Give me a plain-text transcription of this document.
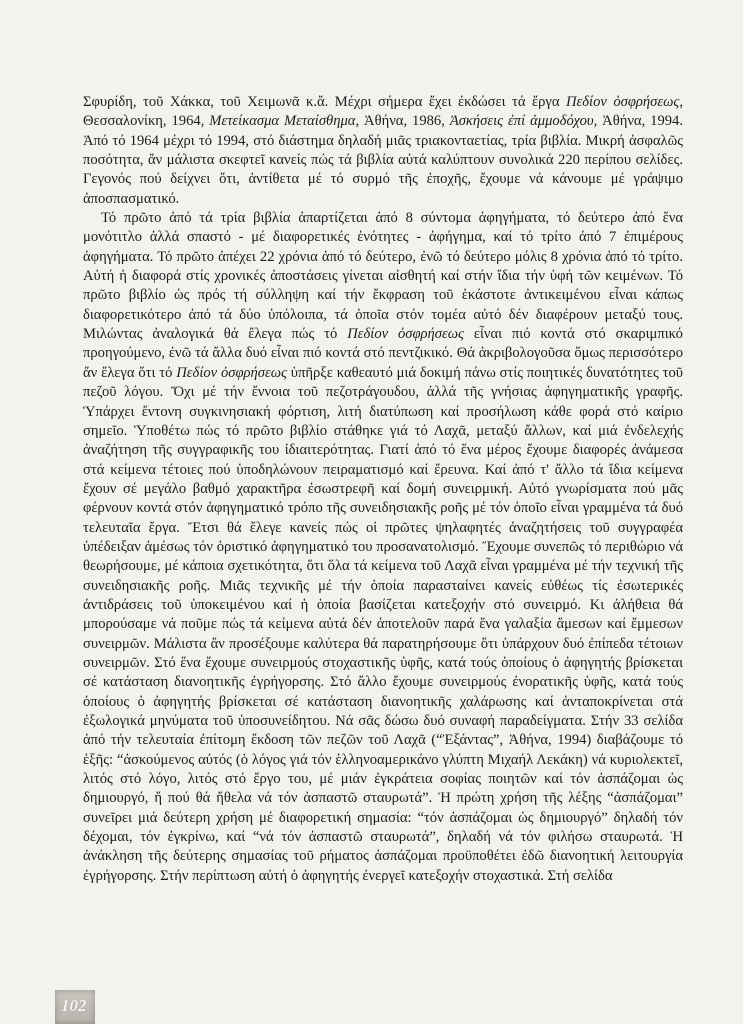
Σφυρίδη, τοῦ Χάκκα, τοῦ Χειμωνᾶ κ.ἄ. Μέχρι σήμερα ἔχει ἐκδώσει τά ἔργα Πεδίον ὀσφρήσεως, Θεσσαλονίκη, 1964, Μετείκασμα Μεταίσθημα, Ἀθήνα, 1986, Ἀσκήσεις ἐπί ἀμμοδόχου, Ἀθήνα, 1994. Ἀπό τό 1964 μέχρι τό 1994, στό διάστημα δηλαδή μιᾶς τριακονταετίας, τρία βιβλία. Μικρή ἀσφαλῶς ποσότητα, ἄν μάλιστα σκεφτεῖ κανείς πώς τά βιβλία αὐτά καλύπτουν συνολικά 220 περίπου σελίδες. Γεγονός πού δείχνει ὅτι, ἀντίθετα μέ τό συρμό τῆς ἐποχῆς, ἔχουμε νά κάνουμε μέ γράψιμο ἀποσπασματικό.

Τό πρῶτο ἀπό τά τρία βιβλία ἀπαρτίζεται ἀπό 8 σύντομα ἀφηγήματα, τό δεύτερο ἀπό ἕνα μονότιτλο ἀλλά σπαστό - μέ διαφορετικές ἑνότητες - ἀφήγημα, καί τό τρίτο ἀπό 7 ἐπιμέρους ἀφηγήματα. Τό πρῶτο ἀπέχει 22 χρόνια ἀπό τό δεύτερο, ἐνῶ τό δεύτερο μόλις 8 χρόνια ἀπό τό τρίτο. Αὐτή ἡ διαφορά στίς χρονικές ἀποστάσεις γίνεται αἰσθητή καί στήν ἴδια τήν ὑφή τῶν κειμένων. Τό πρῶτο βιβλίο ὡς πρός τή σύλληψη καί τήν ἔκφραση τοῦ ἑκάστοτε ἀντικειμένου εἶναι κάπως διαφορετικότερο ἀπό τά δύο ὑπόλοιπα, τά ὁποῖα στόν τομέα αὐτό δέν διαφέρουν μεταξύ τους. Μιλώντας ἀναλογικά θά ἔλεγα πώς τό Πεδίον ὀσφρήσεως εἶναι πιό κοντά στό σκαριμπικό προηγούμενο, ἐνῶ τά ἄλλα δυό εἶναι πιό κοντά στό πεντζικικό. Θά ἀκριβολογοῦσα ὅμως περισσότερο ἄν ἔλεγα ὅτι τό Πεδίον ὀσφρήσεως ὑπῆρξε καθεαυτό μιά δοκιμή πάνω στίς ποιητικές δυνατότητες τοῦ πεζοῦ λόγου. Ὄχι μέ τήν ἔννοια τοῦ πεζοτράγουδου, ἀλλά τῆς γνήσιας ἀφηγηματικῆς γραφῆς. Ὑπάρχει ἔντονη συγκινησιακή φόρτιση, λιτή διατύπωση καί προσήλωση κάθε φορά στό καίριο σημεῖο. Ὑποθέτω πώς τό πρῶτο βιβλίο στάθηκε γιά τό Λαχᾶ, μεταξύ ἄλλων, καί μιά ἐνδελεχής ἀναζήτηση τῆς συγγραφικῆς του ἰδιαιτερότητας. Γιατί ἀπό τό ἕνα μέρος ἔχουμε διαφορές ἀνάμεσα στά κείμενα τέτοιες πού ὑποδηλώνουν πειραματισμό καί ἔρευνα. Καί ἀπό τ' ἄλλο τά ἴδια κείμενα ἔχουν σέ μεγάλο βαθμό χαρακτῆρα ἐσωστρεφῆ καί δομή συνειρμική. Αὐτό γνωρίσματα πού μᾶς φέρνουν κοντά στόν ἀφηγηματικό τρόπο τῆς συνειδησιακῆς ροῆς μέ τόν ὁποῖο εἶναι γραμμένα τά δυό τελευταῖα ἔργα. Ἔτσι θά ἔλεγε κανείς πώς οἱ πρῶτες ψηλαφητές ἀναζητήσεις τοῦ συγγραφέα ὑπέδειξαν ἀμέσως τόν ὁριστικό ἀφηγηματικό του προσανατολισμό. Ἔχουμε συνεπῶς τό περιθώριο νά θεωρήσουμε, μέ κάποια σχετικότητα, ὅτι ὅλα τά κείμενα τοῦ Λαχᾶ εἶναι γραμμένα μέ τήν τεχνική τῆς συνειδησιακῆς ροῆς. Μιᾶς τεχνικῆς μέ τήν ὁποία παρασταίνει κανείς εὐθέως τίς ἐσωτερικές ἀντιδράσεις τοῦ ὑποκειμένου καί ἡ ὁποία βασίζεται κατεξοχήν στό συνειρμό. Κι ἀλήθεια θά μπορούσαμε νά ποῦμε πώς τά κείμενα αὐτά δέν ἀποτελοῦν παρά ἕνα γαλαξία ἄμεσων καί ἔμμεσων συνειρμῶν. Μάλιστα ἄν προσέξουμε καλύτερα θά παρατηρήσουμε ὅτι ὑπάρχουν δυό ἐπίπεδα τέτοιων συνειρμῶν. Στό ἕνα ἔχουμε συνειρμούς στοχαστικῆς ὑφῆς, κατά τούς ὁποίους ὁ ἀφηγητής βρίσκεται σέ κατάσταση διανοητικῆς ἐγρήγορσης. Στό ἄλλο ἔχουμε συνειρμούς ἐνορατικῆς ὑφῆς, κατά τούς ὁποίους ὁ ἀφηγητής βρίσκεται σέ κατάσταση διανοητικῆς χαλάρωσης καί ἀνταποκρίνεται στά ἐξωλογικά μηνύματα τοῦ ὑποσυνείδητου. Νά σᾶς δώσω δυό συναφή παραδείγματα. Στήν 33 σελίδα ἀπό τήν τελευταία ἐπίτομη ἔκδοση τῶν πεζῶν τοῦ Λαχᾶ (“Ἐξάντας”, Ἀθήνα, 1994) διαβάζουμε τό ἑξῆς: “ἀσκούμενος αὐτός (ὁ λόγος γιά τόν ἑλληνοαμερικάνο γλύπτη Μιχαήλ Λεκάκη) νά κυριολεκτεῖ, λιτός στό λόγο, λιτός στό ἔργο του, μέ μιάν ἐγκράτεια σοφίας ποιητῶν καί τόν ἀσπάζομαι ὡς δημιουργό, ἤ πού θά ἤθελα νά τόν ἀσπαστῶ σταυρωτά”. Ἡ πρώτη χρήση τῆς λέξης “ἀσπάζομαι” συνεῖρει μιά δεύτερη χρήση μέ διαφορετική σημασία: “τόν ἀσπάζομαι ὡς δημιουργό” δηλαδή τόν δέχομαι, τόν ἐγκρίνω, καί “νά τόν ἀσπαστῶ σταυρωτά”, δηλαδή νά τόν φιλήσω σταυρωτά. Ἡ ἀνάκληση τῆς δεύτερης σημασίας τοῦ ρήματος ἀσπάζομαι προϋποθέτει ἐδῶ διανοητική λειτουργία ἐγρήγορσης. Στήν περίπτωση αὐτή ὁ ἀφηγητής ἐνεργεῖ κατεξοχήν στοχαστικά. Στή σελίδα

102
